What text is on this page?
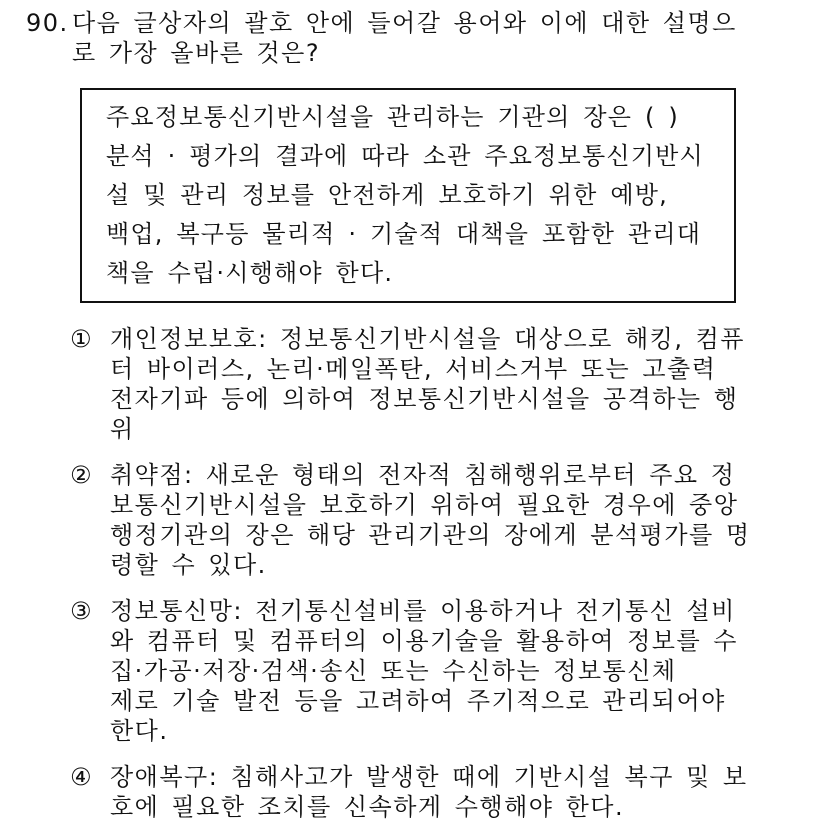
90. 다음 글상자의 괄호 안에 들어갈 용어와 이에 대한 설명으
로 가장 올바른 것은?
주요정보통신기반시설을 관리하는 기관의 장은 ( )
분석 · 평가의 결과에 따라 소관 주요정보통신기반시
설 및 관리 정보를 안전하게 보호하기 위한 예방,
백업, 복구등 물리적 · 기술적 대책을 포함한 관리대
책을 수립·시행해야 한다.
① 개인정보보호: 정보통신기반시설을 대상으로 해킹, 컴퓨
터 바이러스, 논리·메일폭탄, 서비스거부 또는 고출력
전자기파 등에 의하여 정보통신기반시설을 공격하는 행
위
② 취약점: 새로운 형태의 전자적 침해행위로부터 주요 정
보통신기반시설을 보호하기 위하여 필요한 경우에 중앙
행정기관의 장은 해당 관리기관의 장에게 분석평가를 명
령할 수 있다.
③ 정보통신망: 전기통신설비를 이용하거나 전기통신 설비
와 컴퓨터 및 컴퓨터의 이용기술을 활용하여 정보를 수
집·가공·저장·검색·송신 또는 수신하는 정보통신체
제로 기술 발전 등을 고려하여 주기적으로 관리되어야
한다.
④ 장애복구: 침해사고가 발생한 때에 기반시설 복구 및 보
호에 필요한 조치를 신속하게 수행해야 한다.
